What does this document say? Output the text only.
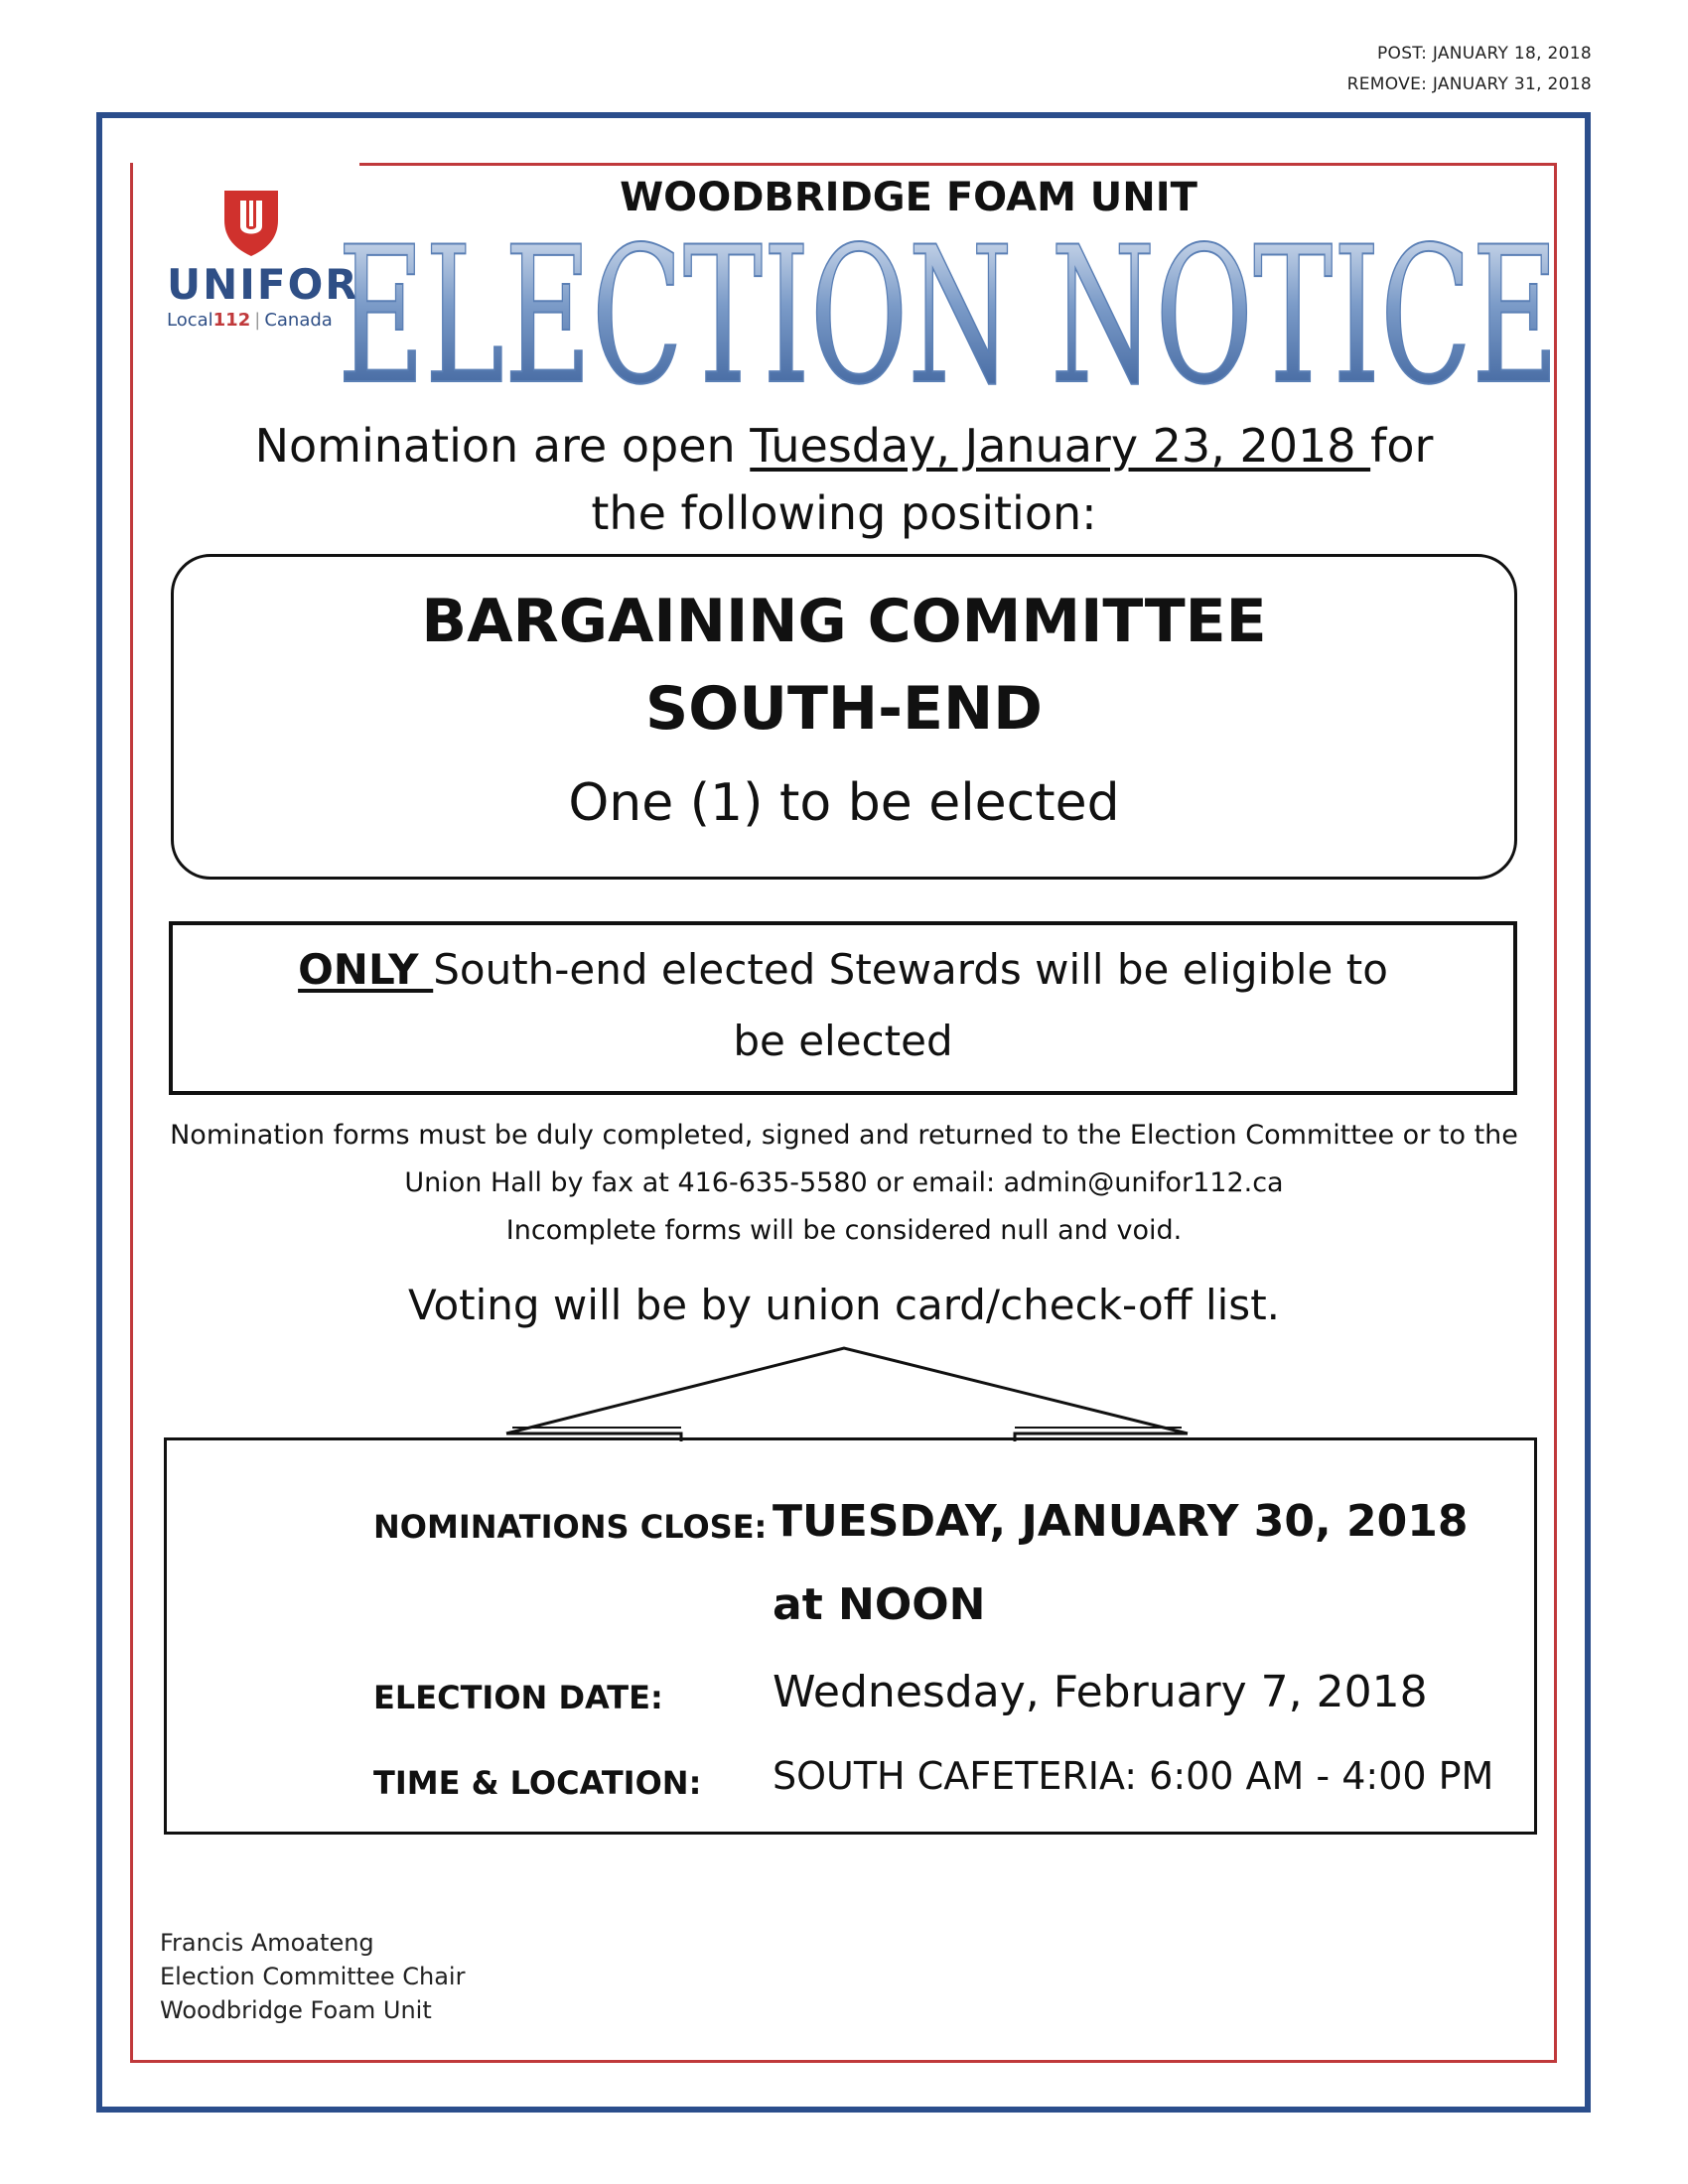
POST: JANUARY 18, 2018
REMOVE: JANUARY 31, 2018
UNIFOR
Local112 | Canada
WOODBRIDGE FOAM UNIT
ELECTION NOTICE
Nomination are open Tuesday, January 23, 2018 for
the following position:
BARGAINING COMMITTEE
SOUTH-END
One (1) to be elected
ONLY South-end elected Stewards will be eligible to
be elected
Nomination forms must be duly completed, signed and returned to the Election Committee or to the
Union Hall by fax at 416-635-5580 or email: admin@unifor112.ca
Incomplete forms will be considered null and void.
Voting will be by union card/check-off list.
NOMINATIONS CLOSE: TUESDAY, JANUARY 30, 2018
at NOON
ELECTION DATE:	Wednesday, February 7, 2018
TIME & LOCATION: SOUTH CAFETERIA: 6:00 AM - 4:00 PM
Francis Amoateng
Election Committee Chair
Woodbridge Foam Unit
